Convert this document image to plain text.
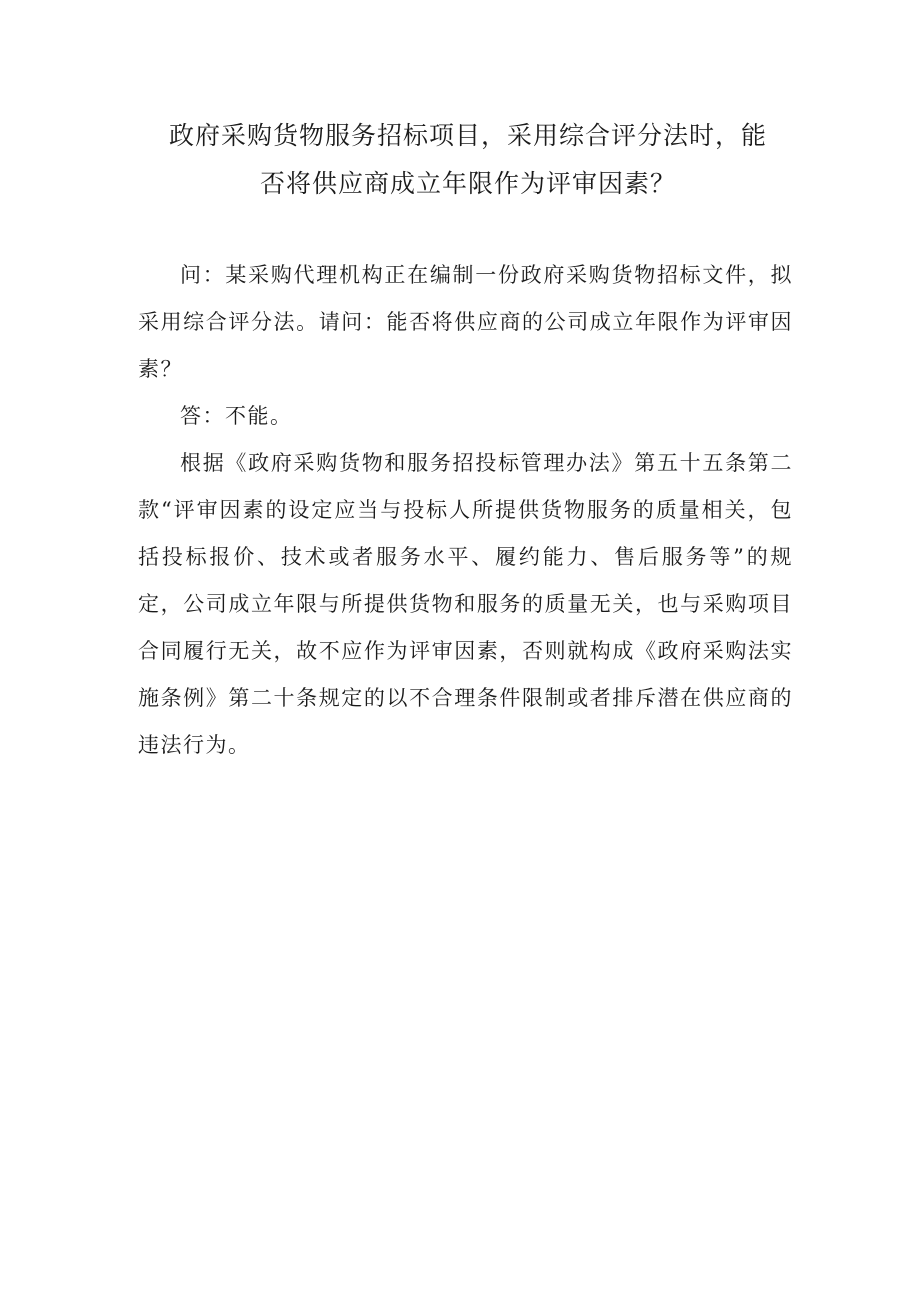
政府采购货物服务招标项目，采用综合评分法时，能
否将供应商成立年限作为评审因素？

问：某采购代理机构正在编制一份政府采购货物招标文件，拟采用综合评分法。请问：能否将供应商的公司成立年限作为评审因素？

答：不能。

根据《政府采购货物和服务招投标管理办法》第五十五条第二款“评审因素的设定应当与投标人所提供货物服务的质量相关，包括投标报价、技术或者服务水平、履约能力、售后服务等”的规定，公司成立年限与所提供货物和服务的质量无关，也与采购项目合同履行无关，故不应作为评审因素，否则就构成《政府采购法实施条例》第二十条规定的以不合理条件限制或者排斥潜在供应商的违法行为。
